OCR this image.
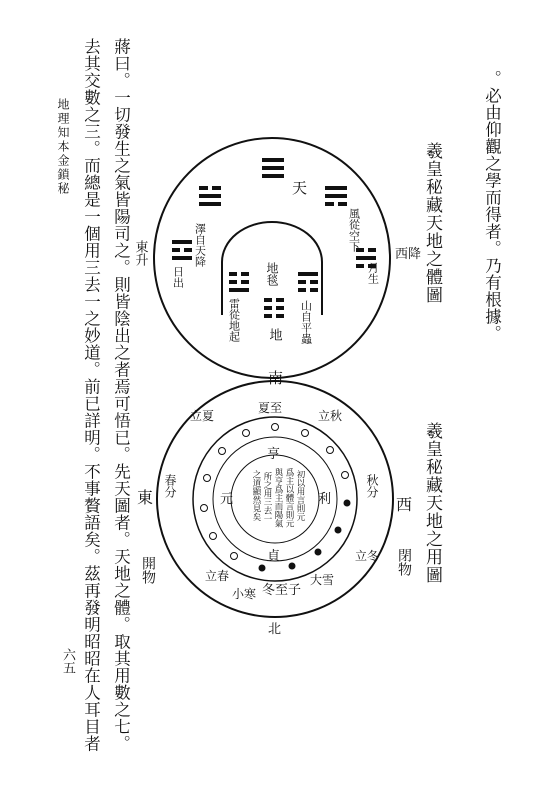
地理知本金鎖秘
六五
。必由仰觀之學而得者。乃有根據。
蔣曰。一切發生之氣皆陽司之。則皆陰出之者焉可悟已。先天圖者。天地之體。取其用數之七。
去其交數之三。而總是一個用三去一之妙道。前已詳明。不事贅語矣。茲再發明昭昭在人耳目者	羲皇秘藏天地之體圖
羲皇秘藏天地之用圖
天
澤自天降	風從空下
日出	月生
雷從地起	山自平蟲
地
地毯
東升	西降
南
北
東	西
開物	閉物
冬至子
立春	大雪
小寒
春分
立夏
夏至
立秋
秋分
立冬
亨
利
貞
元	初以用言則元
爲主以體言則元
與亨爲主而陽氣
所之用三去一
之道顯然見矣
